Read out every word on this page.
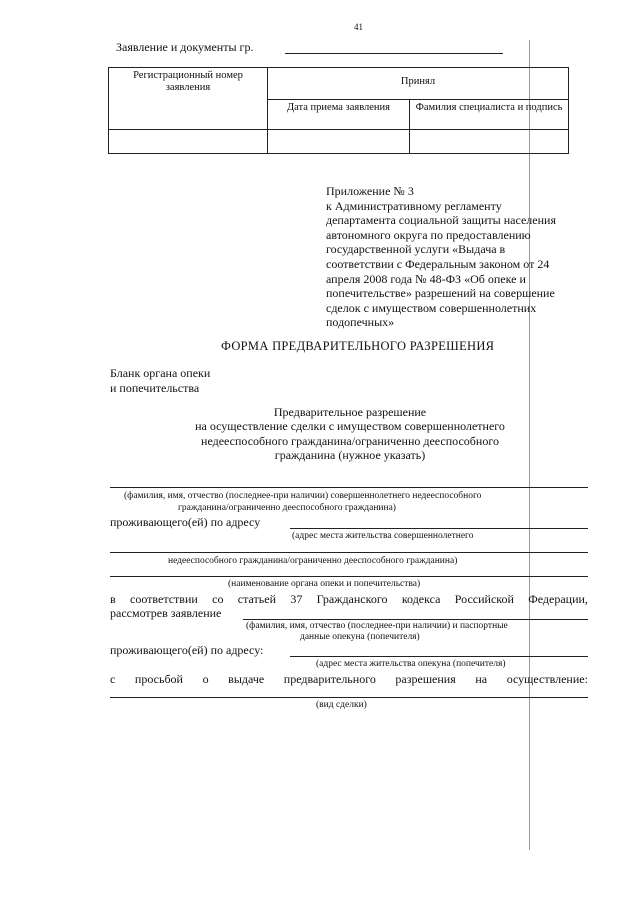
41
Заявление и документы гр.
Регистрационный номер заявления	Принял	
	Дата приема заявления	Фамилия специалиста и подпись

Приложение № 3
к Административному регламенту
департамента социальной защиты населения
автономного округа по предоставлению
государственной услуги «Выдача в
соответствии с Федеральным законом от 24
апреля 2008 года № 48-ФЗ «Об опеке и
попечительстве» разрешений на совершение
сделок с имуществом совершеннолетних
подопечных»
ФОРМА ПРЕДВАРИТЕЛЬНОГО РАЗРЕШЕНИЯ
Бланк органа опеки
и попечительства
Предварительное разрешение
на осуществление сделки с имуществом совершеннолетнего
недееспособного гражданина/ограниченно дееспособного
гражданина (нужное указать)
(фамилия, имя, отчество (последнее-при наличии) совершеннолетнего недееспособного
гражданина/ограниченно дееспособного гражданина)
проживающего(ей) по адресу
(адрес места жительства совершеннолетнего
недееспособного гражданина/ограниченно дееспособного гражданина)
(наименование органа опеки и попечительства)
в соответствии со статьей 37 Гражданского кодекса Российской Федерации,
рассмотрев заявление
(фамилия, имя, отчество (последнее-при наличии) и паспортные
данные опекуна (попечителя)
проживающего(ей) по адресу:
(адрес места жительства опекуна (попечителя)
с просьбой о выдаче предварительного разрешения на осуществление:
(вид сделки)
